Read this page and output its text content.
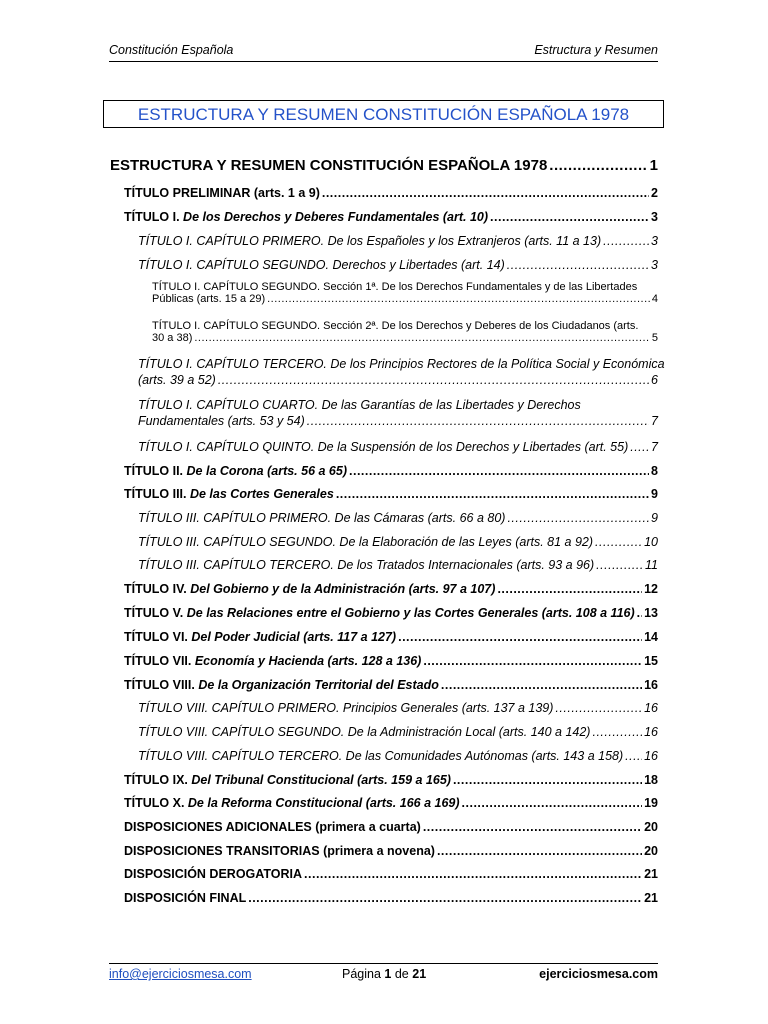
Constitución Española	Estructura y Resumen
ESTRUCTURA Y RESUMEN CONSTITUCIÓN ESPAÑOLA 1978
ESTRUCTURA Y RESUMEN CONSTITUCIÓN ESPAÑOLA 1978 .....	1
TÍTULO PRELIMINAR (arts. 1 a 9) .....	2
TÍTULO I. De los Derechos y Deberes Fundamentales (art. 10) .....	3
TÍTULO I. CAPÍTULO PRIMERO. De los Españoles y los Extranjeros (arts. 11 a 13) .....	3
TÍTULO I. CAPÍTULO SEGUNDO. Derechos y Libertades (art. 14) .....	3
TÍTULO I. CAPÍTULO SEGUNDO. Sección 1ª. De los Derechos Fundamentales y de las Libertades
Públicas (arts. 15 a 29) .....	4
TÍTULO I. CAPÍTULO SEGUNDO. Sección 2ª. De los Derechos y Deberes de los Ciudadanos (arts.
30 a 38) .....	5
TÍTULO I. CAPÍTULO TERCERO. De los Principios Rectores de la Política Social y Económica
(arts. 39 a 52) .....	6
TÍTULO I. CAPÍTULO CUARTO. De las Garantías de las Libertades y Derechos
Fundamentales (arts. 53 y 54) .....	7
TÍTULO I. CAPÍTULO QUINTO. De la Suspensión de los Derechos y Libertades (art. 55) ..... 7
TÍTULO II. De la Corona (arts. 56 a 65) .....	8
TÍTULO III. De las Cortes Generales .....	9
TÍTULO III. CAPÍTULO PRIMERO. De las Cámaras (arts. 66 a 80) .....	9
TÍTULO III. CAPÍTULO SEGUNDO. De la Elaboración de las Leyes (arts. 81 a 92) .....	10
TÍTULO III. CAPÍTULO TERCERO. De los Tratados Internacionales (arts. 93 a 96) .....	11
TÍTULO IV. Del Gobierno y de la Administración (arts. 97 a 107) .....	12
TÍTULO V. De las Relaciones entre el Gobierno y las Cortes Generales (arts. 108 a 116) ..... 13
TÍTULO VI. Del Poder Judicial (arts. 117 a 127) .....	14
TÍTULO VII. Economía y Hacienda (arts. 128 a 136) .....	15
TÍTULO VIII. De la Organización Territorial del Estado .....	16
TÍTULO VIII. CAPÍTULO PRIMERO. Principios Generales (arts. 137 a 139) .....	16
TÍTULO VIII. CAPÍTULO SEGUNDO. De la Administración Local (arts. 140 a 142) .....	16
TÍTULO VIII. CAPÍTULO TERCERO. De las Comunidades Autónomas (arts. 143 a 158) ..... 16
TÍTULO IX. Del Tribunal Constitucional (arts. 159 a 165) .....	18
TÍTULO X. De la Reforma Constitucional (arts. 166 a 169) .....	19
DISPOSICIONES ADICIONALES (primera a cuarta) .....	20
DISPOSICIONES TRANSITORIAS (primera a novena) .....	20
DISPOSICIÓN DEROGATORIA .....	21
DISPOSICIÓN FINAL .....	21
info@ejerciciosmesa.com	Página 1 de 21	ejerciciosmesa.com
